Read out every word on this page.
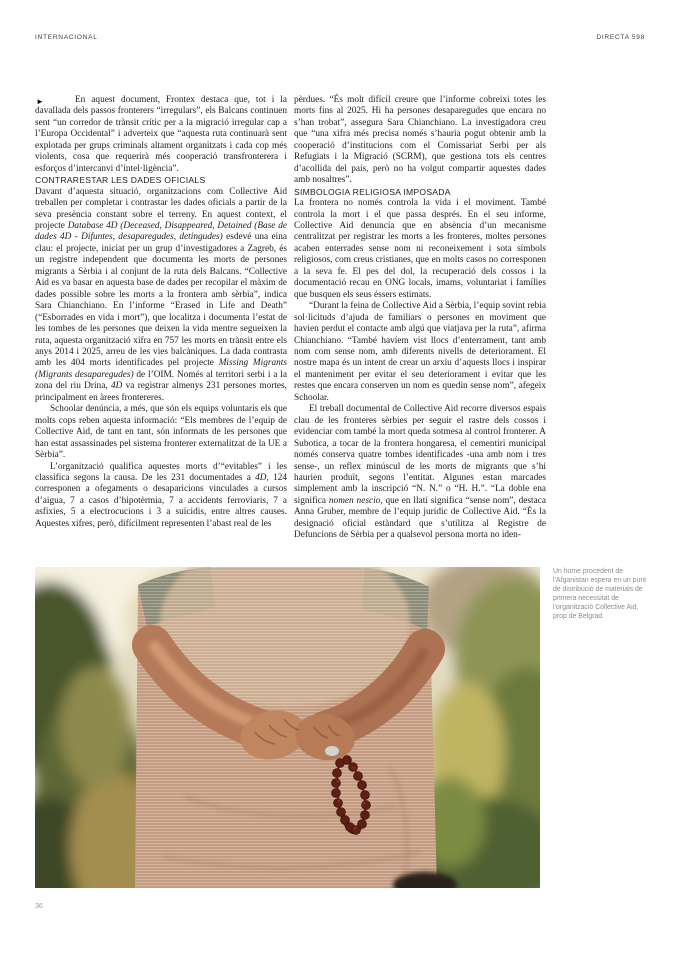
INTERNACIONAL	DIRECTA 598
►	En aquest document, Frontex destaca que, tot i la davallada dels passos fronterers “irregulars”, els Balcans continuen sent “un corredor de trànsit crític per a la migració irregular cap a l’Europa Occidental” i adverteix que “aquesta ruta continuarà sent explotada per grups criminals altament organitzats i cada cop més violents, cosa que requerirà més cooperació transfronterera i esforços d’intercanvi d’intel·ligència”.

CONTRARESTAR LES DADES OFICIALS

Davant d’aquesta situació, organitzacions com Collective Aid treballen per completar i contrastar les dades oficials a partir de la seva presència constant sobre el terreny. En aquest context, el projecte Database 4D (Deceased, Disappeared, Detained (Base de dades 4D - Difuntes, desaparegudes, detingudes) esdevé una eina clau: el projecte, iniciat per un grup d’investigadores a Zagreb, és un registre independent que documenta les morts de persones migrants a Sèrbia i al conjunt de la ruta dels Balcans. “Collective Aid es va basar en aquesta base de dades per recopilar el màxim de dades possible sobre les morts a la frontera amb sèrbia”, indica Sara Chianchiano. En l’informe “Erased in Life and Death” (“Esborrades en vida i mort”), que localitza i documenta l’estat de les tombes de les persones que deixen la vida mentre segueixen la ruta, aquesta organització xifra en 757 les morts en trànsit entre els anys 2014 i 2025, arreu de les vies balcàniques. La dada contrasta amb les 404 morts identificades pel projecte Missing Migrants (Migrants desaparegudes) de l’OIM. Només al territori serbi i a la zona del riu Drina, 4D va registrar almenys 231 persones mortes, principalment en àrees frontereres.

Schoolar denúncia, a més, que són els equips voluntaris els que molts cops reben aquesta informació: “Els membres de l’equip de Collective Aid, de tant en tant, són informats de les persones que han estat assassinades pel sistema fronterer externalitzat de la UE a Sèrbia”.

L’organització qualifica aquestes morts d’“evitables” i les classifica segons la causa. De les 231 documentades a 4D, 124 corresponen a ofegaments o desaparicions vinculades a cursos d’aigua, 7 a casos d’hipotèrmia, 7 a accidents ferroviaris, 7 a asfíxies, 5 a electrocucions i 3 a suïcidis, entre altres causes. Aquestes xifres, però, difícilment representen l’abast real de les

pèrdues. “És molt difícil creure que l’informe cobreixi totes les morts fins al 2025. Hi ha persones desaparegudes que encara no s’han trobat”, assegura Sara Chianchiano. La investigadora creu que “una xifra més precisa només s’hauria pogut obtenir amb la cooperació d’institucions com el Comissariat Serbi per als Refugiats i la Migració (SCRM), que gestiona tots els centres d’acollida del país, però no ha volgut compartir aquestes dades amb nosaltres”.

SIMBOLOGIA RELIGIOSA IMPOSADA

La frontera no només controla la vida i el moviment. També controla la mort i el que passa després. En el seu informe, Collective Aid denuncia que en absència d’un mecanisme centralitzat per registrar les morts a les fronteres, moltes persones acaben enterrades sense nom ni reconeixement i sota símbols religiosos, com creus cristianes, que en molts casos no corresponen a la seva fe. El pes del dol, la recuperació dels cossos i la documentació recau en ONG locals, imams, voluntariat i famílies que busquen els seus éssers estimats.

“Durant la feina de Collective Aid a Sèrbia, l’equip sovint rebia sol·licituds d’ajuda de familiars o persones en moviment que havien perdut el contacte amb algú que viatjava per la ruta”, afirma Chianchiano. “També havíem vist llocs d’enterrament, tant amb nom com sense nom, amb diferents nivells de deteriorament. El nostre mapa és un intent de crear un arxiu d’aquests llocs i inspirar el manteniment per evitar el seu deteriorament i evitar que les restes que encara conserven un nom es quedin sense nom”, afegeix Schoolar.

El treball documental de Collective Aid recorre diversos espais clau de les fronteres sèrbies per seguir el rastre dels cossos i evidenciar com també la mort queda sotmesa al control fronterer. A Subotica, a tocar de la frontera hongaresa, el cementiri municipal només conserva quatre tombes identificades -una amb nom i tres sense-, un reflex minúscul de les morts de migrants que s’hi haurien produït, segons l’entitat. Algunes estan marcades simplement amb la inscripció “N. N.” o “H. H.”. “La doble ena significa nomen nescio, que en llatí significa “sense nom”, destaca Anna Gruber, membre de l’equip jurídic de Collective Aid. “És la designació oficial estàndard que s’utilitza al Registre de Defuncions de Sèrbia per a qualsevol persona morta no iden-

Un home procedent de l’Afganistan espera en un punt de distribució de materials de primera necessitat de l’organització Collective Aid, prop de Belgrad.
36
